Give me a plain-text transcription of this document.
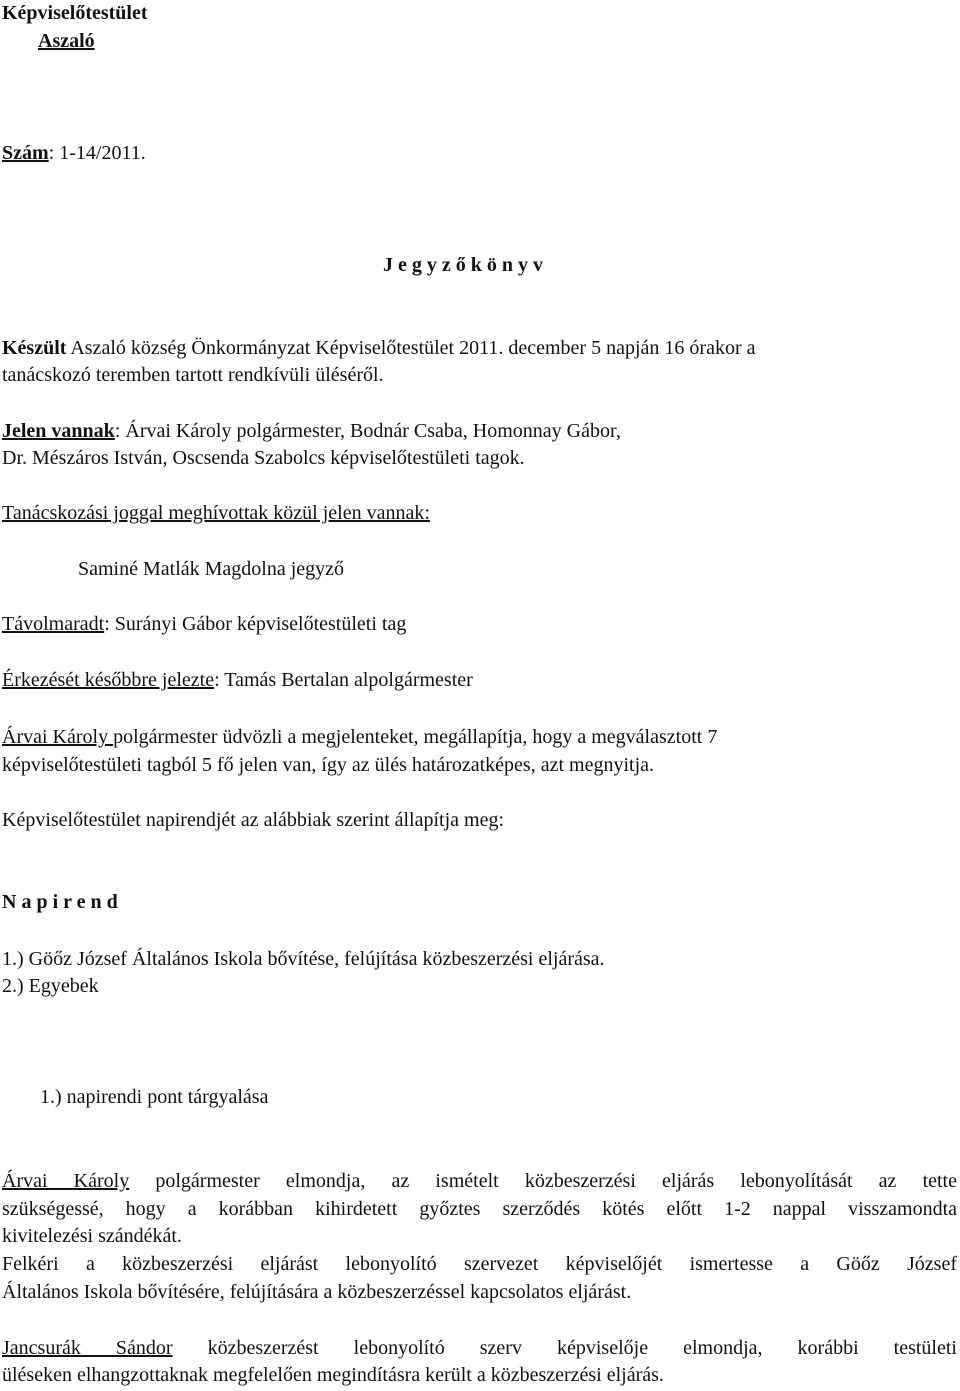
Képviselőtestület
Aszaló
Szám: 1-14/2011.
J e g y z ő k ö n y v
Készült Aszaló község Önkormányzat Képviselőtestület 2011. december 5 napján 16 órakor a
tanácskozó teremben tartott rendkívüli üléséről.
Jelen vannak: Árvai Károly polgármester, Bodnár Csaba, Homonnay Gábor,
Dr. Mészáros István, Oscsenda Szabolcs képviselőtestületi tagok.
Tanácskozási joggal meghívottak közül jelen vannak:
Saminé Matlák Magdolna jegyző
Távolmaradt: Surányi Gábor képviselőtestületi tag
Érkezését későbbre jelezte: Tamás Bertalan alpolgármester
Árvai Károly polgármester üdvözli a megjelenteket, megállapítja, hogy a megválasztott 7
képviselőtestületi tagból 5 fő jelen van, így az ülés határozatképes, azt megnyitja.
Képviselőtestület napirendjét az alábbiak szerint állapítja meg:
N a p i r e n d
1.) Göőz József Általános Iskola bővítése, felújítása közbeszerzési eljárása.
2.) Egyebek
1.) napirendi pont tárgyalása
Árvai Károly polgármester elmondja, az ismételt közbeszerzési eljárás lebonyolítását az tette
szükségessé, hogy a korábban kihirdetett győztes szerződés kötés előtt 1-2 nappal visszamondta
kivitelezési szándékát.
Felkéri a közbeszerzési eljárást lebonyolító szervezet képviselőjét ismertesse a Göőz József
Általános Iskola bővítésére, felújítására a közbeszerzéssel kapcsolatos eljárást.
Jancsurák Sándor közbeszerzést lebonyolító szerv képviselője elmondja, korábbi testületi
üléseken elhangzottaknak megfelelően megindításra került a közbeszerzési eljárás.
